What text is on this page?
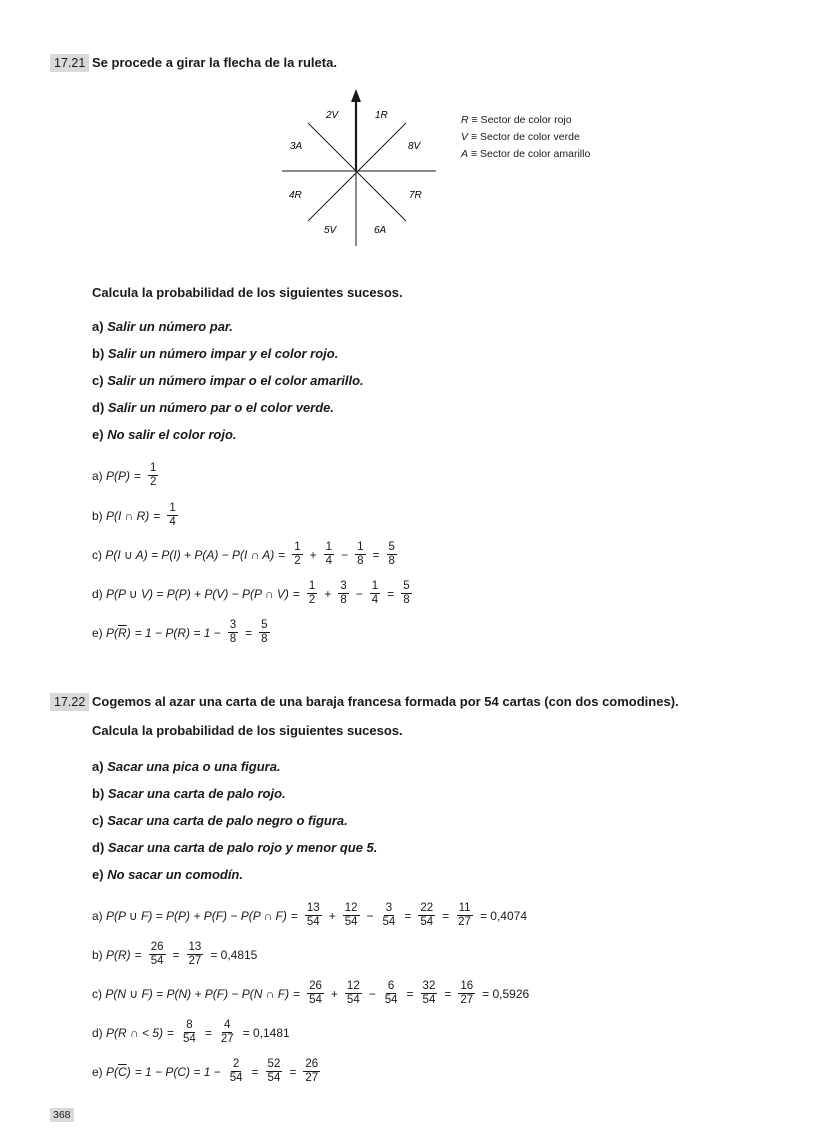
17.21 Se procede a girar la flecha de la ruleta.
2V	1R
8V
7R
6A
5V
4R
3A
R ≡ Sector de color rojo
V ≡ Sector de color verde
A ≡ Sector de color amarillo
Calcula la probabilidad de los siguientes sucesos.
a) Salir un número par.
b) Salir un número impar y el color rojo.
c) Salir un número impar o el color amarillo.
d) Salir un número par o el color verde.
e) No salir el color rojo.
a)
$P(P) = \frac{1}{2}$
b)
P(I ∩ $R) = \frac{1}{4}$
c)
P(I ∪ A) = P(I) + P(A) − P(I ∩ $A) = \frac{1}{2} + \frac{1}{4} - \frac{1}{8} = \frac{5}{8}$
d)
P(P ∪ V) = P(P) + P(V) − P(P ∩ $V) = \frac{1}{2} + \frac{3}{8} - \frac{1}{4} = \frac{5}{8}$
e)
$P(\overline{R}) = 1 - P(R) = 1 - \frac{3}{8} = \frac{5}{8}$
17.22 Cogemos al azar una carta de una baraja francesa formada por 54 cartas (con dos comodines).
Calcula la probabilidad de los siguientes sucesos.
a) Sacar una pica o una figura.
b) Sacar una carta de palo rojo.
c) Sacar una carta de palo negro o figura.
d) Sacar una carta de palo rojo y menor que 5.
e) No sacar un comodín.
a)
P(P ∪ F) = P(P) + P(F) − P(P ∩ $F) = \frac{13}{54} + \frac{12}{54} - \frac{3}{54} = \frac{22}{54} = \frac{11}{27} = 0,4074$
b)
$P(R) = \frac{26}{54} = \frac{13}{27} = 0,4815$
c)
P(N ∪ F) = P(N) + P(F) − P(N ∩ $F) = \frac{26}{54} + \frac{12}{54} - \frac{6}{54} = \frac{32}{54} = \frac{16}{27} = 0,5926$
d)
P(R ∩ < $5) = \frac{8}{54} = \frac{4}{27} = 0,1481$
e)
$P(\overline{C}) = 1 - P(C) = 1 - \frac{2}{54} = \frac{52}{54} = \frac{26}{27}$
368
